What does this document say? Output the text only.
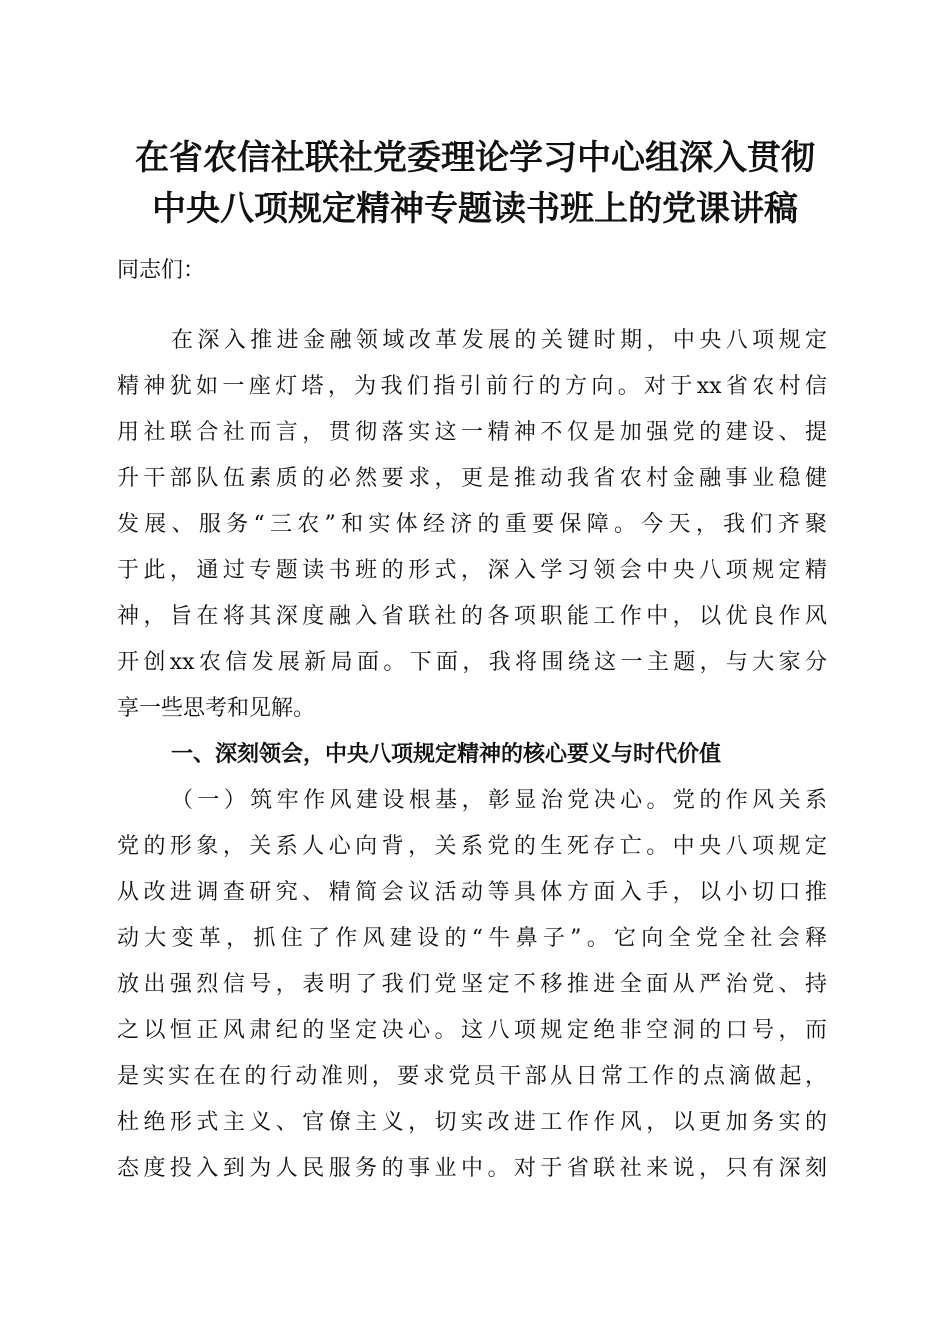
在省农信社联社党委理论学习中心组深入贯彻
中央八项规定精神专题读书班上的党课讲稿
同志们：
在深入推进金融领域改革发展的关键时期，中央八项规定
精神犹如一座灯塔，为我们指引前行的方向。对于xx省农村信
用社联合社而言，贯彻落实这一精神不仅是加强党的建设、提
升干部队伍素质的必然要求，更是推动我省农村金融事业稳健
发展、服务“三农”和实体经济的重要保障。今天，我们齐聚
于此，通过专题读书班的形式，深入学习领会中央八项规定精
神，旨在将其深度融入省联社的各项职能工作中，以优良作风
开创xx农信发展新局面。下面，我将围绕这一主题，与大家分
享一些思考和见解。
一、深刻领会，中央八项规定精神的核心要义与时代价值
（一）筑牢作风建设根基，彰显治党决心。党的作风关系
党的形象，关系人心向背，关系党的生死存亡。中央八项规定
从改进调查研究、精简会议活动等具体方面入手，以小切口推
动大变革，抓住了作风建设的“牛鼻子”。它向全党全社会释
放出强烈信号，表明了我们党坚定不移推进全面从严治党、持
之以恒正风肃纪的坚定决心。这八项规定绝非空洞的口号，而
是实实在在的行动准则，要求党员干部从日常工作的点滴做起，
杜绝形式主义、官僚主义，切实改进工作作风，以更加务实的
态度投入到为人民服务的事业中。对于省联社来说，只有深刻
